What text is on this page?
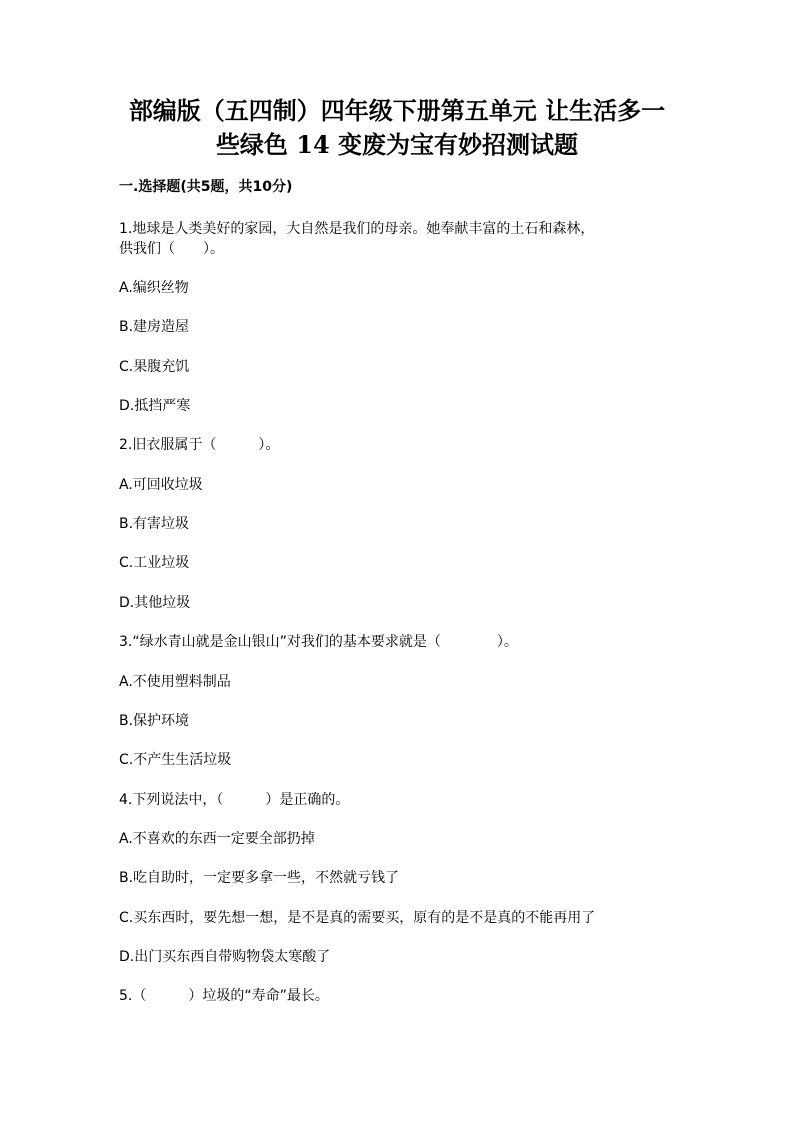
部编版（五四制）四年级下册第五单元 让生活多一
些绿色 14 变废为宝有妙招测试题
一.选择题(共5题，共10分)
1.地球是人类美好的家园，大自然是我们的母亲。她奉献丰富的土石和森林，
供我们（　　）。
A.编织丝物
B.建房造屋
C.果腹充饥
D.抵挡严寒
2.旧衣服属于（　　　）。
A.可回收垃圾
B.有害垃圾
C.工业垃圾
D.其他垃圾
3.“绿水青山就是金山银山”对我们的基本要求就是（　　　　）。
A.不使用塑料制品
B.保护环境
C.不产生生活垃圾
4.下列说法中，（　　　）是正确的。
A.不喜欢的东西一定要全部扔掉
B.吃自助时，一定要多拿一些，不然就亏钱了
C.买东西时，要先想一想，是不是真的需要买，原有的是不是真的不能再用了
D.出门买东西自带购物袋太寒酸了
5.（　　　）垃圾的“寿命”最长。
